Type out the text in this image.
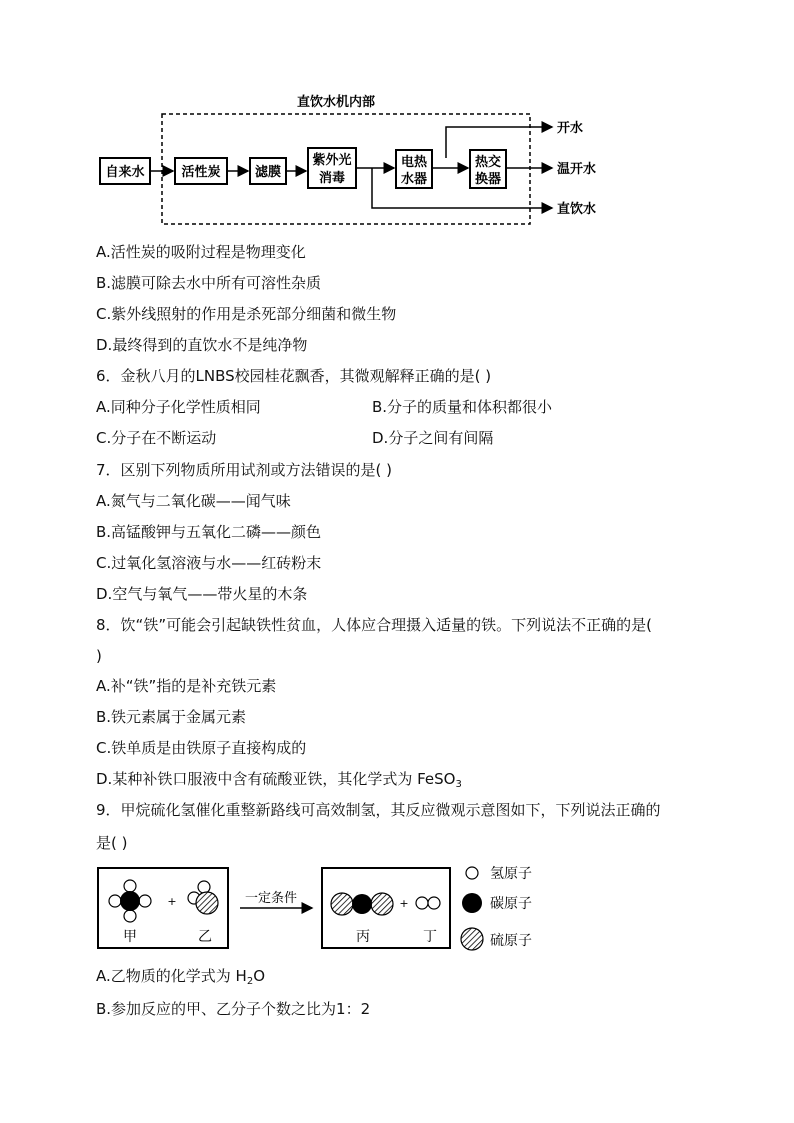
直饮水机内部
自来水	活性炭	滤膜
紫外光
消毒
电热
水器
热交
换器
开水
温开水
直饮水
A.活性炭的吸附过程是物理变化
B.滤膜可除去水中所有可溶性杂质
C.紫外线照射的作用是杀死部分细菌和微生物
D.最终得到的直饮水不是纯净物
6．金秋八月的LNBS校园桂花飘香，其微观解释正确的是( )
A.同种分子化学性质相同	B.分子的质量和体积都很小
C.分子在不断运动	D.分子之间有间隔
7．区别下列物质所用试剂或方法错误的是( )
A.氮气与二氧化碳——闻气味
B.高锰酸钾与五氧化二磷——颜色
C.过氧化氢溶液与水——红砖粉末
D.空气与氧气——带火星的木条
8．饮“铁”可能会引起缺铁性贫血，人体应合理摄入适量的铁。下列说法不正确的是(
)
A.补“铁”指的是补充铁元素
B.铁元素属于金属元素
C.铁单质是由铁原子直接构成的
D.某种补铁口服液中含有硫酸亚铁，其化学式为 FeSO$_3$
9．甲烷硫化氢催化重整新路线可高效制氢，其反应微观示意图如下，下列说法正确的
是( )
+
甲	乙
一定条件	+
丙	丁
氢原子
碳原子
硫原子
A.乙物质的化学式为 $H_2O$
B.参加反应的甲、乙分子个数之比为1：2
